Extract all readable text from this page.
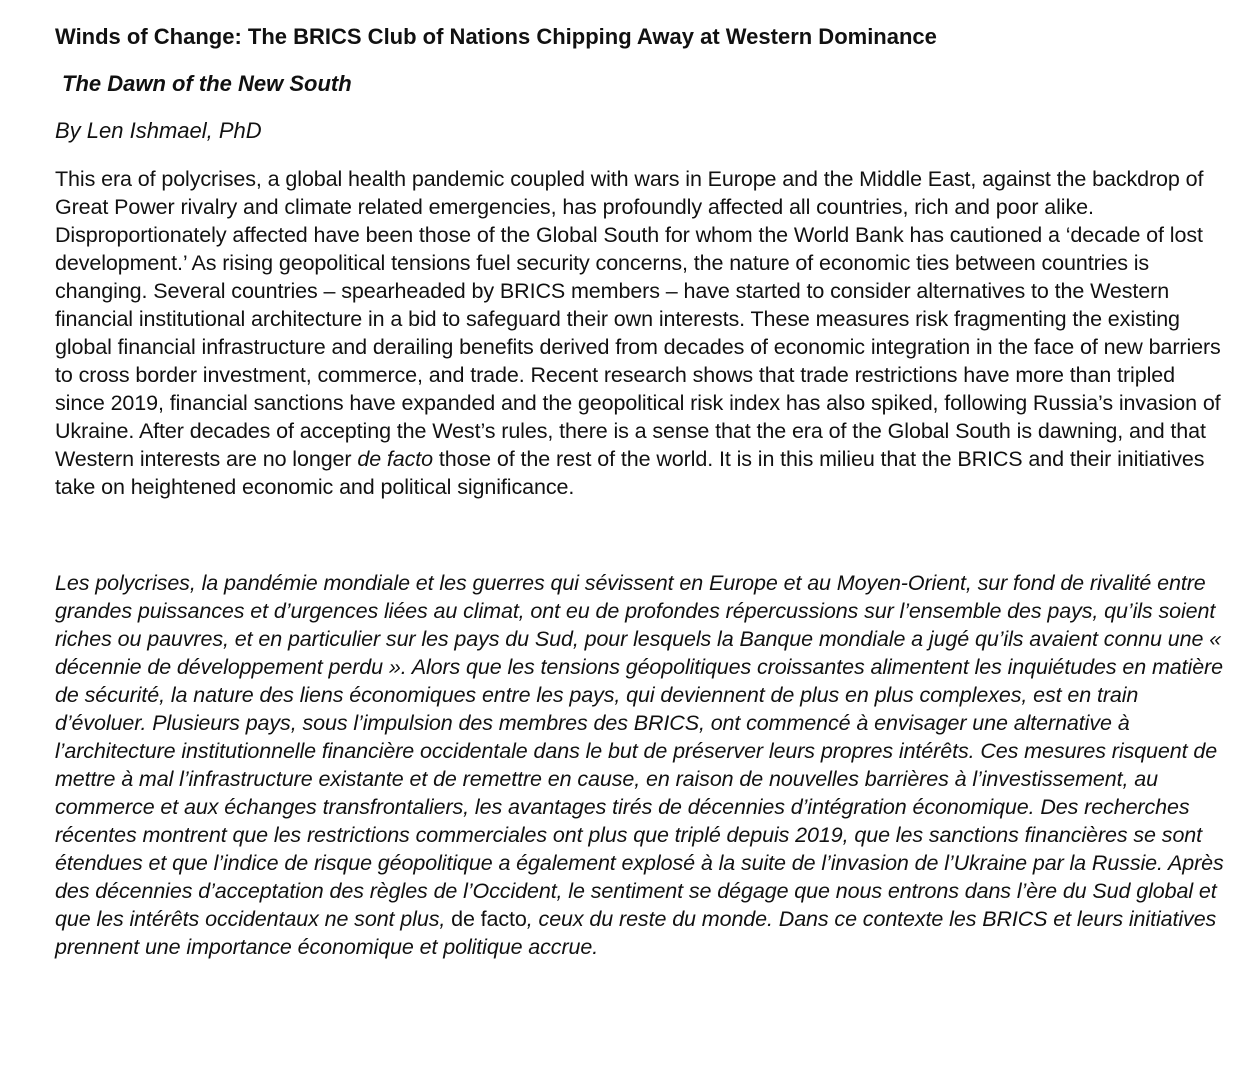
Winds of Change: The BRICS Club of Nations Chipping Away at Western Dominance
The Dawn of the New South

By Len Ishmael, PhD

This era of polycrises, a global health pandemic coupled with wars in Europe and the Middle East, against the backdrop of Great Power rivalry and climate related emergencies, has profoundly affected all countries, rich and poor alike. Disproportionately affected have been those of the Global South for whom the World Bank has cautioned a ‘decade of lost development.’ As rising geopolitical tensions fuel security concerns, the nature of economic ties between countries is changing. Several countries – spearheaded by BRICS members – have started to consider alternatives to the Western financial institutional architecture in a bid to safeguard their own interests. These measures risk fragmenting the existing global financial infrastructure and derailing benefits derived from decades of economic integration in the face of new barriers to cross border investment, commerce, and trade. Recent research shows that trade restrictions have more than tripled since 2019, financial sanctions have expanded and the geopolitical risk index has also spiked, following Russia’s invasion of Ukraine. After decades of accepting the West’s rules, there is a sense that the era of the Global South is dawning, and that Western interests are no longer de facto those of the rest of the world. It is in this milieu that the BRICS and their initiatives take on heightened economic and political significance.

Les polycrises, la pandémie mondiale et les guerres qui sévissent en Europe et au Moyen-Orient, sur fond de rivalité entre grandes puissances et d’urgences liées au climat, ont eu de profondes répercussions sur l’ensemble des pays, qu’ils soient riches ou pauvres, et en particulier sur les pays du Sud, pour lesquels la Banque mondiale a jugé qu’ils avaient connu une « décennie de développement perdu ». Alors que les tensions géopolitiques croissantes alimentent les inquiétudes en matière de sécurité, la nature des liens économiques entre les pays, qui deviennent de plus en plus complexes, est en train d’évoluer. Plusieurs pays, sous l’impulsion des membres des BRICS, ont commencé à envisager une alternative à l’architecture institutionnelle financière occidentale dans le but de préserver leurs propres intérêts. Ces mesures risquent de mettre à mal l’infrastructure existante et de remettre en cause, en raison de nouvelles barrières à l’investissement, au commerce et aux échanges transfrontaliers, les avantages tirés de décennies d’intégration économique. Des recherches récentes montrent que les restrictions commerciales ont plus que triplé depuis 2019, que les sanctions financières se sont étendues et que l’indice de risque géopolitique a également explosé à la suite de l’invasion de l’Ukraine par la Russie. Après des décennies d’acceptation des règles de l’Occident, le sentiment se dégage que nous entrons dans l’ère du Sud global et que les intérêts occidentaux ne sont plus, de facto, ceux du reste du monde. Dans ce contexte les BRICS et leurs initiatives prennent une importance économique et politique accrue.
